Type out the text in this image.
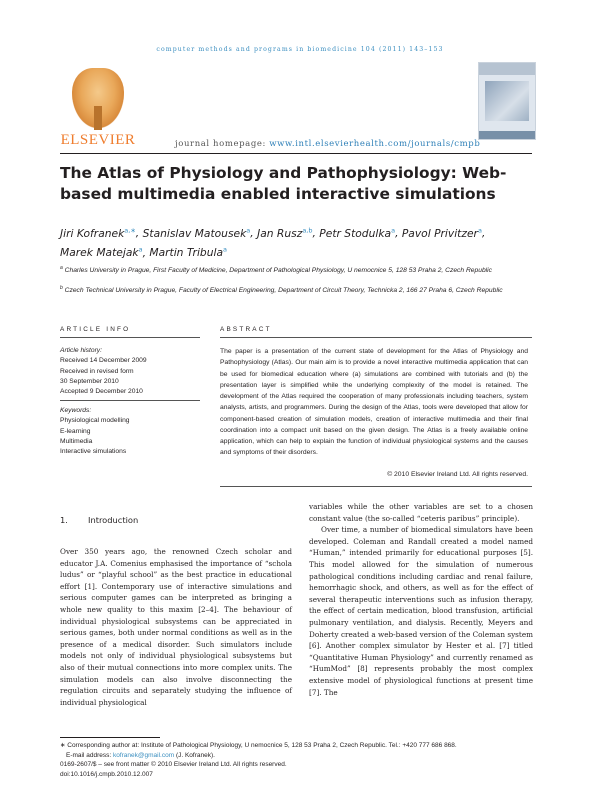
computer methods and programs in biomedicine 104 (2011) 143–153
ELSEVIER	journal homepage: www.intl.elsevierhealth.com/journals/cmpb
The Atlas of Physiology and Pathophysiology: Web-based multimedia enabled interactive simulations
Jiri Kofranek$^{a,∗}$, Stanislav Matousek$^a$, Jan Rusz$^{a,b}$, Petr Stodulka$^a$, Pavol Privitzer$^a$,
Marek Matejak$^a$, Martin Tribula$^a$
$^a$ Charles University in Prague, First Faculty of Medicine, Department of Pathological Physiology, U nemocnice 5, 128 53 Praha 2, Czech Republic
$^b$ Czech Technical University in Prague, Faculty of Electrical Engineering, Department of Circuit Theory, Technicka 2, 166 27 Praha 6, Czech Republic
ARTICLE INFO	ABSTRACT
Article history:
Received 14 December 2009
Received in revised form
30 September 2010
Accepted 9 December 2010
Keywords:
Physiological modelling
E-learning
Multimedia
Interactive simulations
The paper is a presentation of the current state of development for the Atlas of Physiology and Pathophysiology (Atlas). Our main aim is to provide a novel interactive multimedia application that can be used for biomedical education where (a) simulations are combined with tutorials and (b) the presentation layer is simplified while the underlying complexity of the model is retained. The development of the Atlas required the cooperation of many professionals including teachers, system analysts, artists, and programmers. During the design of the Atlas, tools were developed that allow for component-based creation of simulation models, creation of interactive multimedia and their final coordination into a compact unit based on the given design. The Atlas is a freely available online application, which can help to explain the function of individual physiological systems and the causes and symptoms of their disorders.
© 2010 Elsevier Ireland Ltd. All rights reserved.
1. Introduction

Over 350 years ago, the renowned Czech scholar and educator J.A. Comenius emphasised the importance of “schola ludus” or “playful school” as the best practice in educational effort [1]. Contemporary use of interactive simulations and serious computer games can be interpreted as bringing a whole new quality to this maxim [2–4]. The behaviour of individual physiological subsystems can be appreciated in serious games, both under normal conditions as well as in the presence of a medical disorder. Such simulators include models not only of individual physiological subsystems but also of their mutual connections into more complex units. The simulation models can also involve disconnecting the regulation circuits and separately studying the influence of individual physiological

variables while the other variables are set to a chosen constant value (the so-called “ceteris paribus” principle).

Over time, a number of biomedical simulators have been developed. Coleman and Randall created a model named “Human,” intended primarily for educational purposes [5]. This model allowed for the simulation of numerous pathological conditions including cardiac and renal failure, hemorrhagic shock, and others, as well as for the effect of several therapeutic interventions such as infusion therapy, the effect of certain medication, blood transfusion, artificial pulmonary ventilation, and dialysis. Recently, Meyers and Doherty created a web-based version of the Coleman system [6]. Another complex simulator by Hester et al. [7] titled “Quantitative Human Physiology” and currently renamed as “HumMod” [8] represents probably the most complex extensive model of physiological functions at present time [7]. The

∗ Corresponding author at: Institute of Pathological Physiology, U nemocnice 5, 128 53 Praha 2, Czech Republic. Tel.: +420 777 686 868.
E-mail address: kofranek@gmail.com (J. Kofranek).
0169-2607/$ – see front matter © 2010 Elsevier Ireland Ltd. All rights reserved.
doi:10.1016/j.cmpb.2010.12.007
